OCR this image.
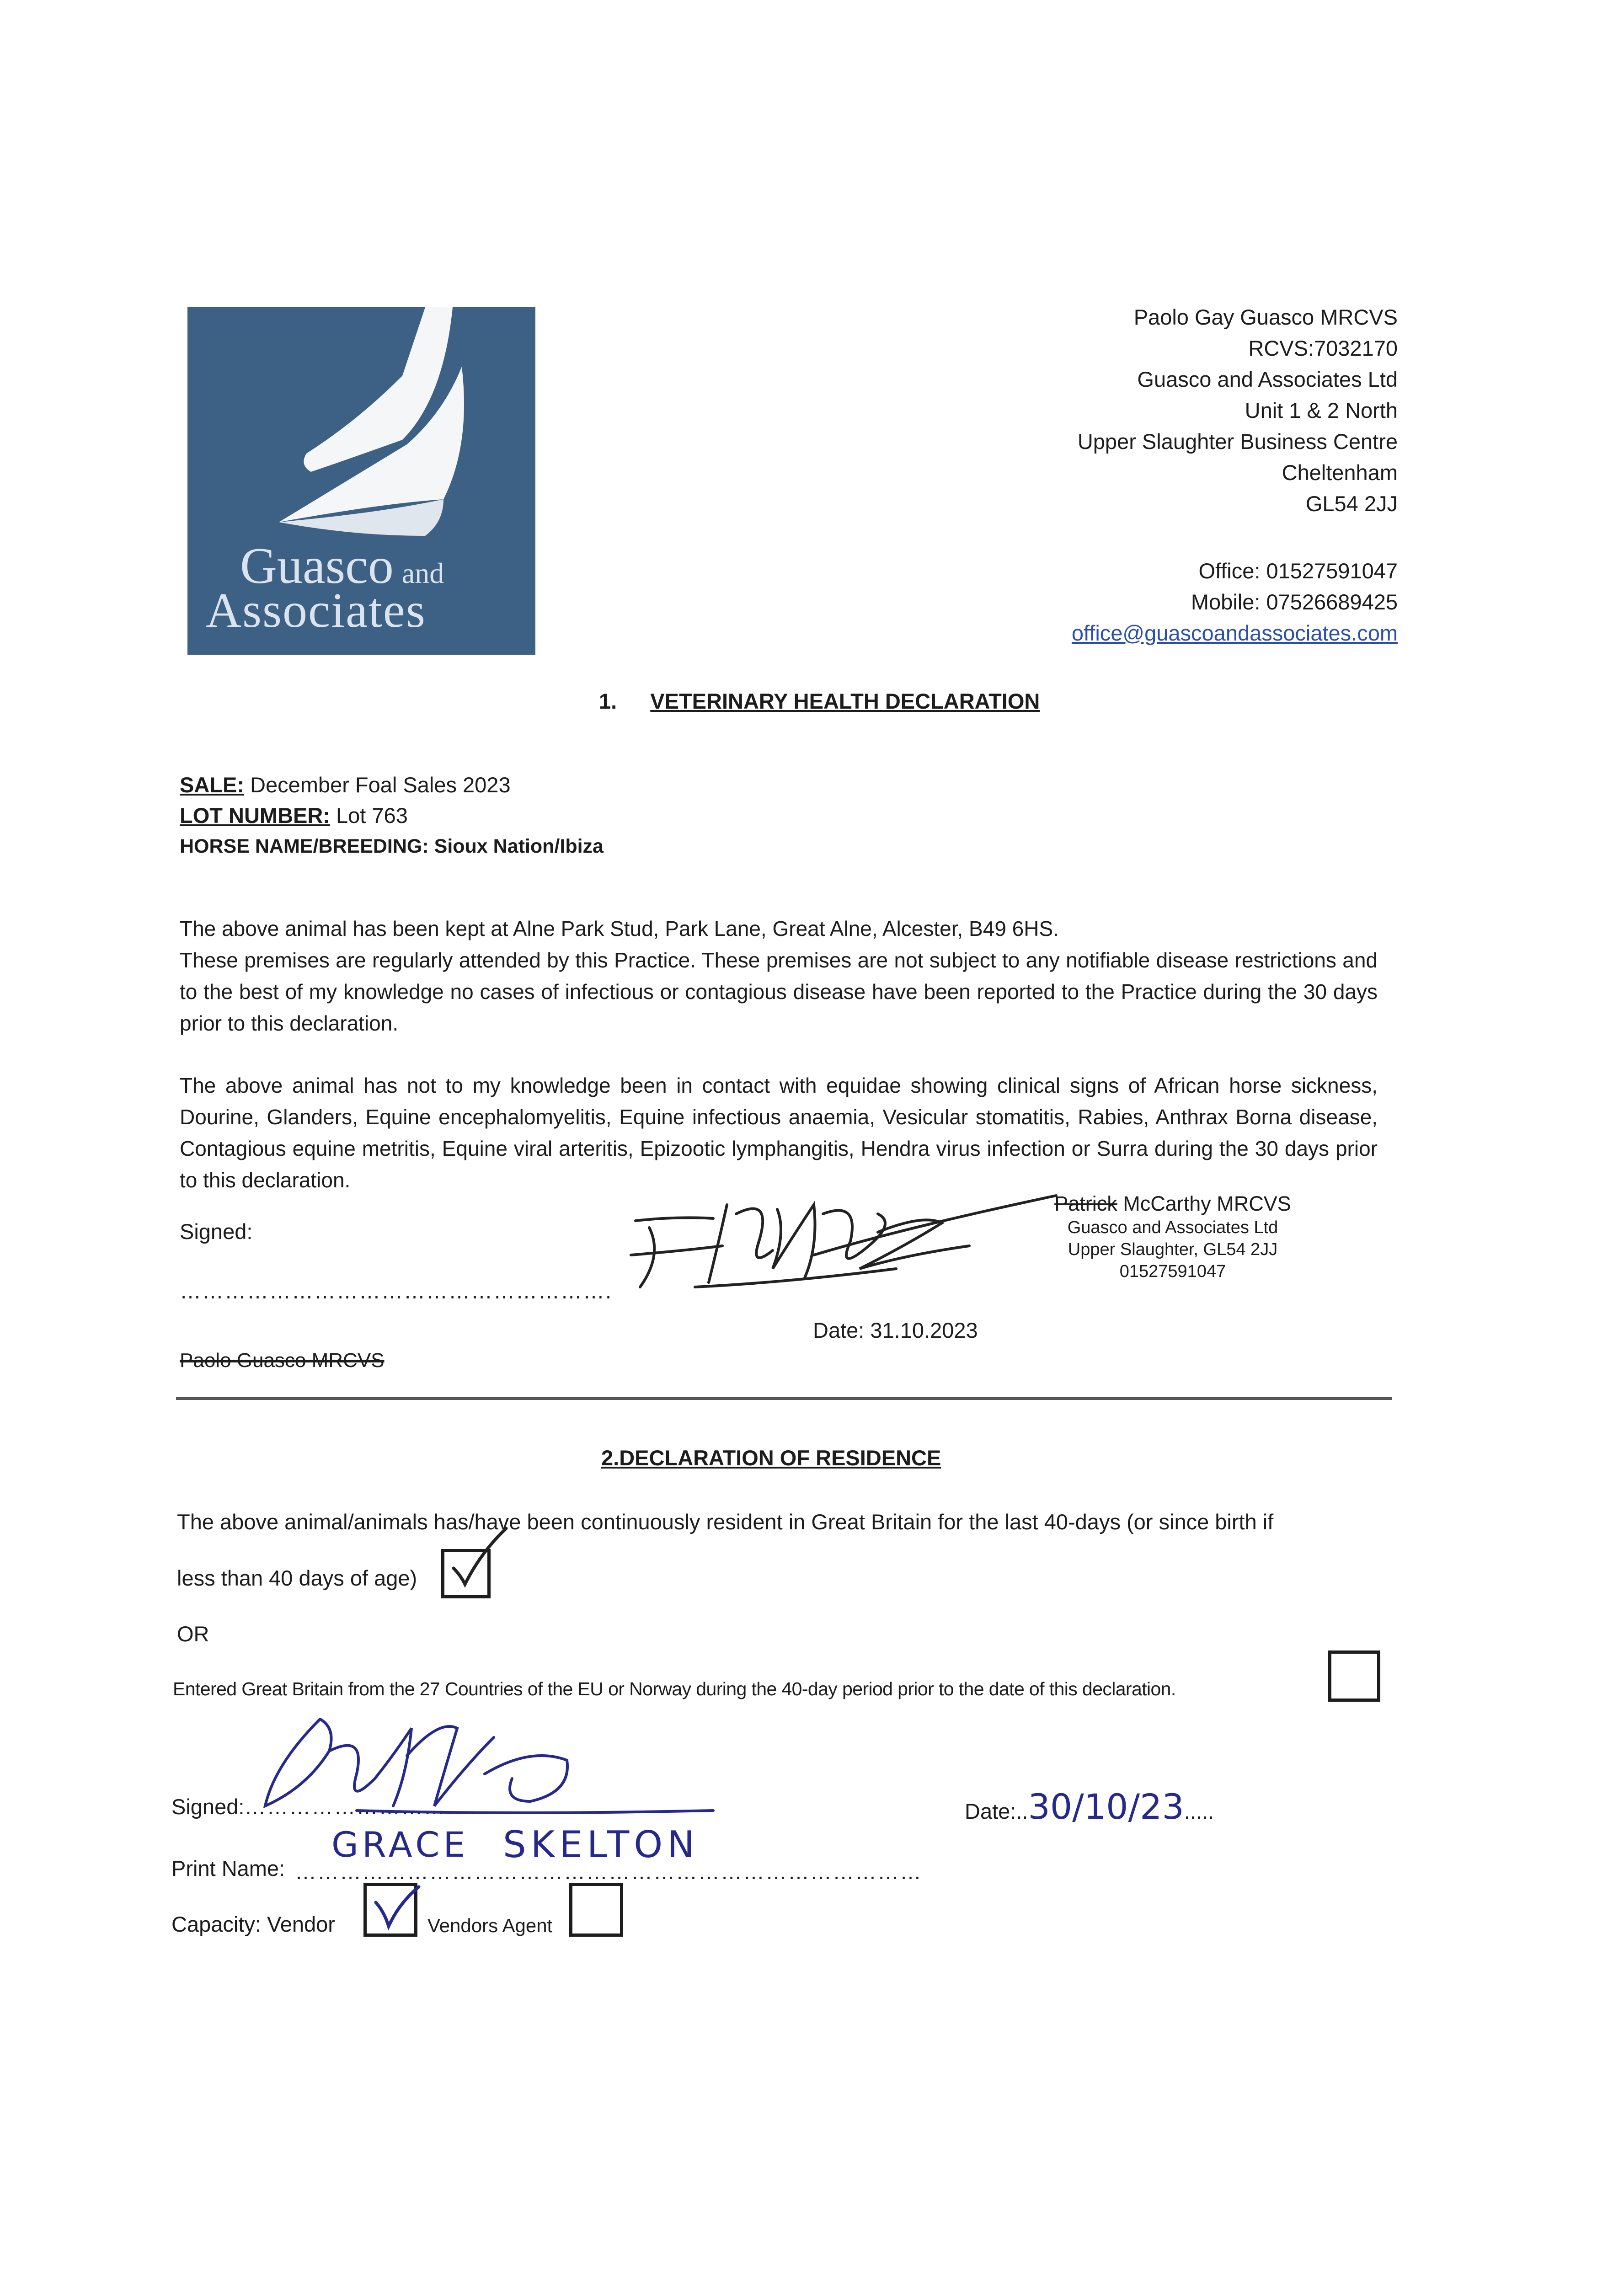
Guasco and
Associates
Paolo Gay Guasco MRCVS
RCVS:7032170
Guasco and Associates Ltd
Unit 1 & 2 North
Upper Slaughter Business Centre
Cheltenham
GL54 2JJ
Office: 01527591047
Mobile: 07526689425
office@guascoandassociates.com
1. VETERINARY HEALTH DECLARATION
SALE: December Foal Sales 2023
LOT NUMBER: Lot 763
HORSE NAME/BREEDING: Sioux Nation/Ibiza
The above animal has been kept at Alne Park Stud, Park Lane, Great Alne, Alcester, B49 6HS.
These premises are regularly attended by this Practice. These premises are not subject to any notifiable disease restrictions and to the best of my knowledge no cases of infectious or contagious disease have been reported to the Practice during the 30 days prior to this declaration.
The above animal has not to my knowledge been in contact with equidae showing clinical signs of African horse sickness, Dourine, Glanders, Equine encephalomyelitis, Equine infectious anaemia, Vesicular stomatitis, Rabies, Anthrax Borna disease, Contagious equine metritis, Equine viral arteritis, Epizootic lymphangitis, Hendra virus infection or Surra during the 30 days prior to this declaration.
Signed:
………………………………………………….
Patrick McCarthy MRCVS
Guasco and Associates Ltd
Upper Slaughter, GL54 2JJ
01527591047
Date: 31.10.2023
Paolo Guasco MRCVS
2.DECLARATION OF RESIDENCE
The above animal/animals has/have been continuously resident in Great Britain for the last 40-days (or since birth if
less than 40 days of age)
OR
Entered Great Britain from the 27 Countries of the EU or Norway during the 40-day period prior to the date of this declaration.
Signed:……………………………………….	Date:..30/10/23.....
Print Name: …………………………………………………………………………
GRACE SKELTON
Capacity: Vendor	Vendors Agent
